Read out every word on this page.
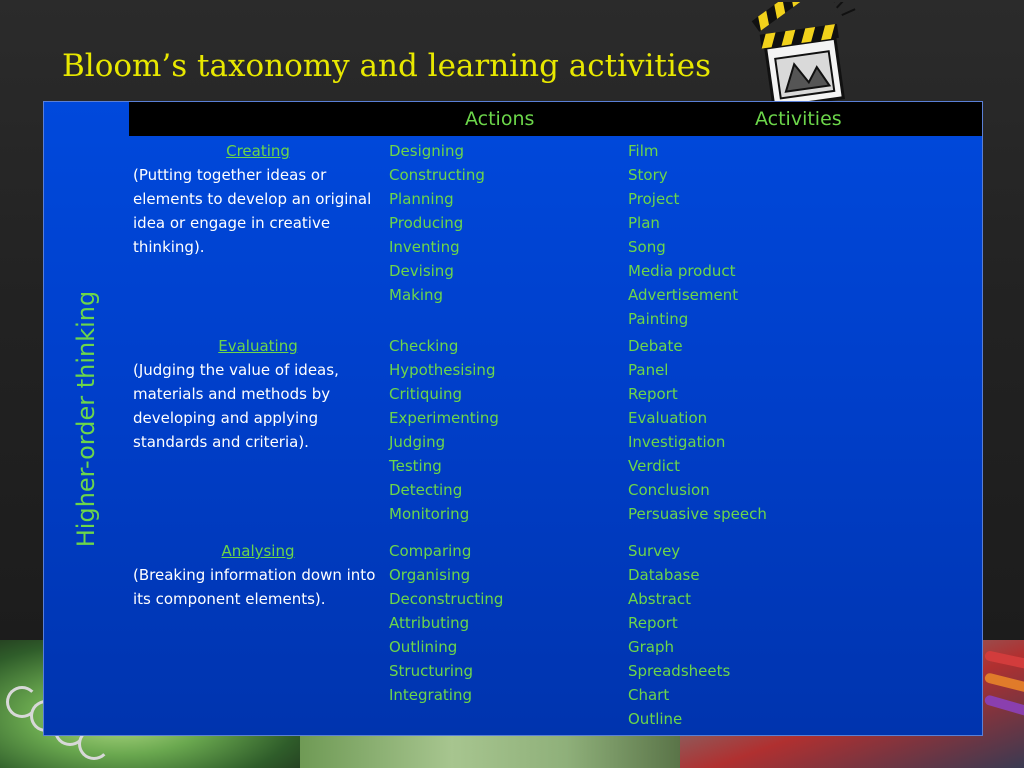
Bloom’s taxonomy and learning activities
Higher-order thinking
Actions	Activities
Creating
(Putting together ideas or elements to develop an original idea or engage in creative thinking).
Designing
Constructing
Planning
Producing
Inventing
Devising
Making
Film
Story
Project
Plan
Song
Media product
Advertisement
Painting
Evaluating
(Judging the value of ideas, materials and methods by developing and applying standards and criteria).
Checking
Hypothesising
Critiquing
Experimenting
Judging
Testing
Detecting
Monitoring
Debate
Panel
Report
Evaluation
Investigation
Verdict
Conclusion
Persuasive speech
Analysing
(Breaking information down into its component elements).
Comparing
Organising
Deconstructing
Attributing
Outlining
Structuring
Integrating
Survey
Database
Abstract
Report
Graph
Spreadsheets
Chart
Outline
